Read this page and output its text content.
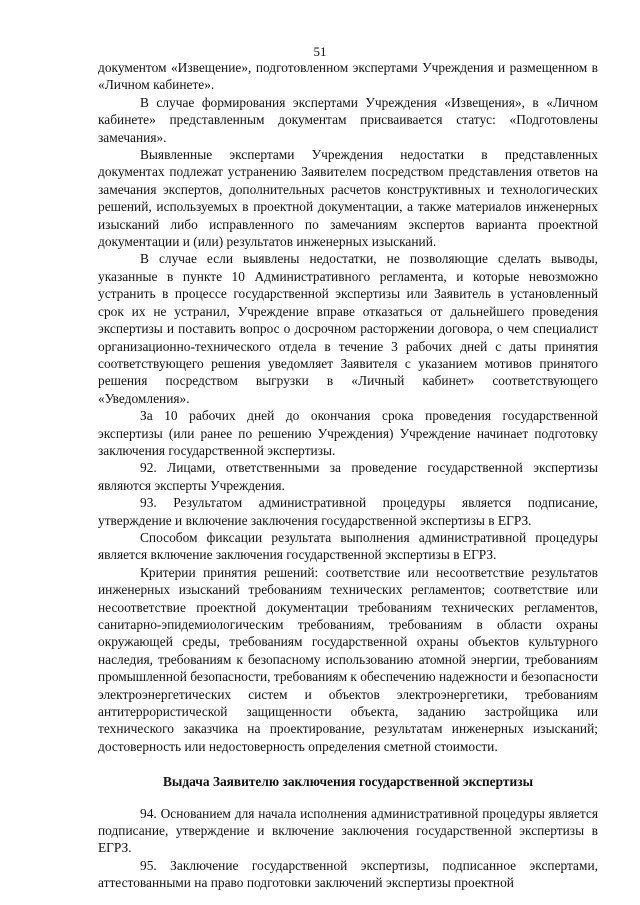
51

документом «Извещение», подготовленном экспертами Учреждения и размещенном в «Личном кабинете».

В случае формирования экспертами Учреждения «Извещения», в «Личном кабинете» представленным документам присваивается статус: «Подготовлены замечания».

Выявленные экспертами Учреждения недостатки в представленных документах подлежат устранению Заявителем посредством представления ответов на замечания экспертов, дополнительных расчетов конструктивных и технологических решений, используемых в проектной документации, а также материалов инженерных изысканий либо исправленного по замечаниям экспертов варианта проектной документации и (или) результатов инженерных изысканий.

В случае если выявлены недостатки, не позволяющие сделать выводы, указанные в пункте 10 Административного регламента, и которые невозможно устранить в процессе государственной экспертизы или Заявитель в установленный срок их не устранил, Учреждение вправе отказаться от дальнейшего проведения экспертизы и поставить вопрос о досрочном расторжении договора, о чем специалист организационно-технического отдела в течение 3 рабочих дней с даты принятия соответствующего решения уведомляет Заявителя с указанием мотивов принятого решения посредством выгрузки в «Личный кабинет» соответствующего «Уведомления».

За 10 рабочих дней до окончания срока проведения государственной экспертизы (или ранее по решению Учреждения) Учреждение начинает подготовку заключения государственной экспертизы.

92. Лицами, ответственными за проведение государственной экспертизы являются эксперты Учреждения.

93. Результатом административной процедуры является подписание, утверждение и включение заключения государственной экспертизы в ЕГРЗ.

Способом фиксации результата выполнения административной процедуры является включение заключения государственной экспертизы в ЕГРЗ.

Критерии принятия решений: соответствие или несоответствие результатов инженерных изысканий требованиям технических регламентов; соответствие или несоответствие проектной документации требованиям технических регламентов, санитарно-эпидемиологическим требованиям, требованиям в области охраны окружающей среды, требованиям государственной охраны объектов культурного наследия, требованиям к безопасному использованию атомной энергии, требованиям промышленной безопасности, требованиям к обеспечению надежности и безопасности электроэнергетических систем и объектов электроэнергетики, требованиям антитеррористической защищенности объекта, заданию застройщика или технического заказчика на проектирование, результатам инженерных изысканий; достоверность или недостоверность определения сметной стоимости.

Выдача Заявителю заключения государственной экспертизы

94. Основанием для начала исполнения административной процедуры является подписание, утверждение и включение заключения государственной экспертизы в ЕГРЗ.

95. Заключение государственной экспертизы, подписанное экспертами, аттестованными на право подготовки заключений экспертизы проектной
